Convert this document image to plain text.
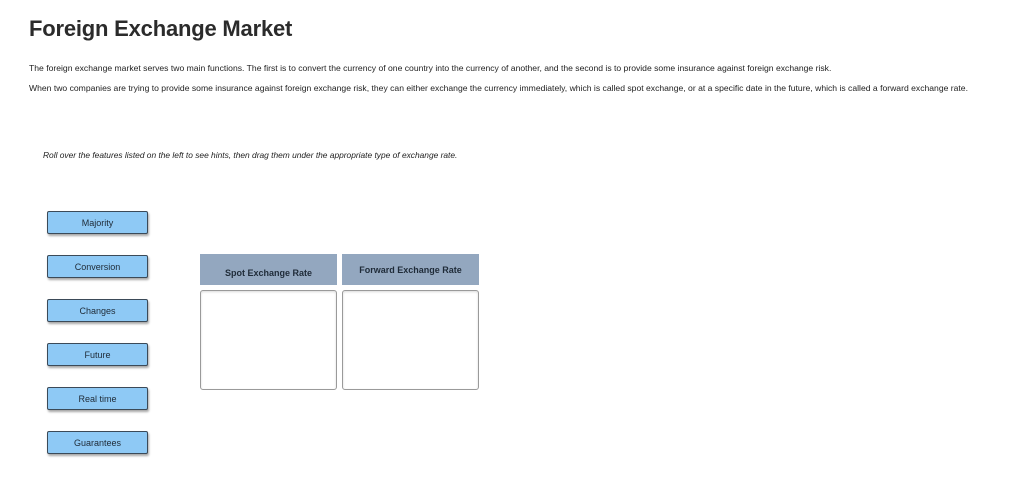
Foreign Exchange Market
The foreign exchange market serves two main functions. The first is to convert the currency of one country into the currency of another, and the second is to provide some insurance against foreign exchange risk.
When two companies are trying to provide some insurance against foreign exchange risk, they can either exchange the currency immediately, which is called spot exchange, or at a specific date in the future, which is called a forward exchange rate.
Roll over the features listed on the left to see hints, then drag them under the appropriate type of exchange rate.
Majority
Conversion
Changes
Future
Real time
Guarantees
Spot Exchange Rate	Forward Exchange Rate
